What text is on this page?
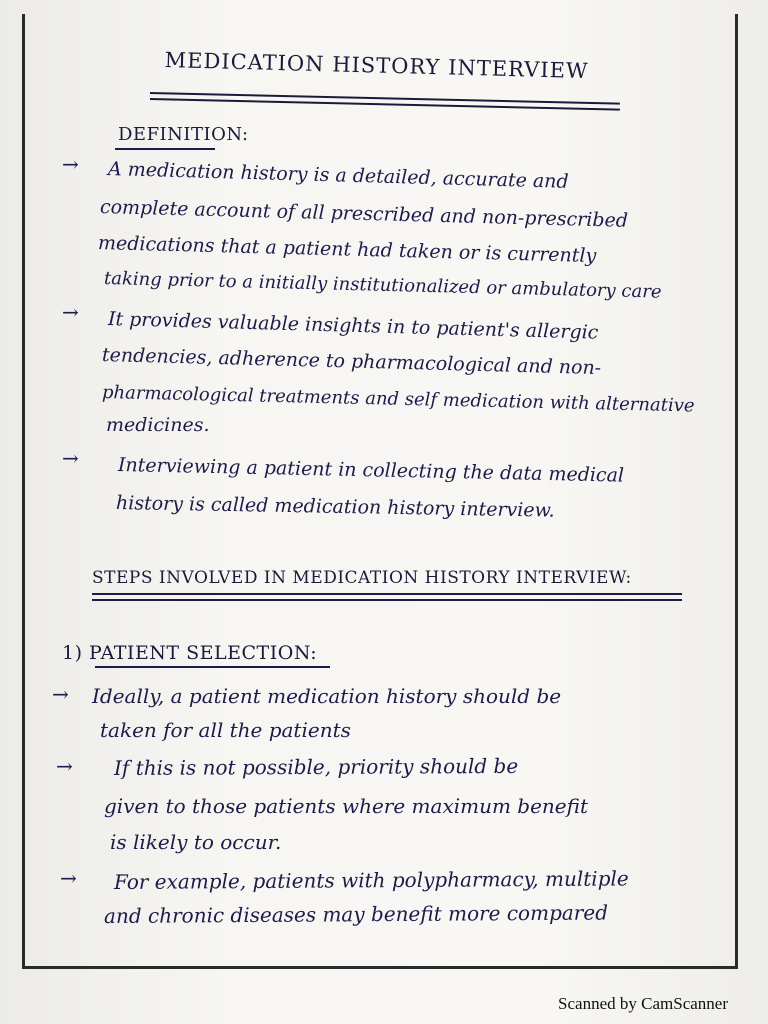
MEDICATION HISTORY INTERVIEW
DEFINITION:
→ A medication history is a detailed, accurate and
complete account of all prescribed and non-prescribed
medications that a patient had taken or is currently
taking prior to a initially institutionalized or ambulatory care
→ It provides valuable insights in to patient's allergic
tendencies, adherence to pharmacological and non-
pharmacological treatments and self medication with alternative
medicines.
→ Interviewing a patient in collecting the data medical
history is called medication history interview.
STEPS INVOLVED IN MEDICATION HISTORY INTERVIEW:
1) PATIENT SELECTION:
→ Ideally, a patient medication history should be
taken for all the patients
→ If this is not possible, priority should be
given to those patients where maximum benefit
is likely to occur.
→ For example, patients with polypharmacy, multiple
and chronic diseases may benefit more compared
Scanned by CamScanner
